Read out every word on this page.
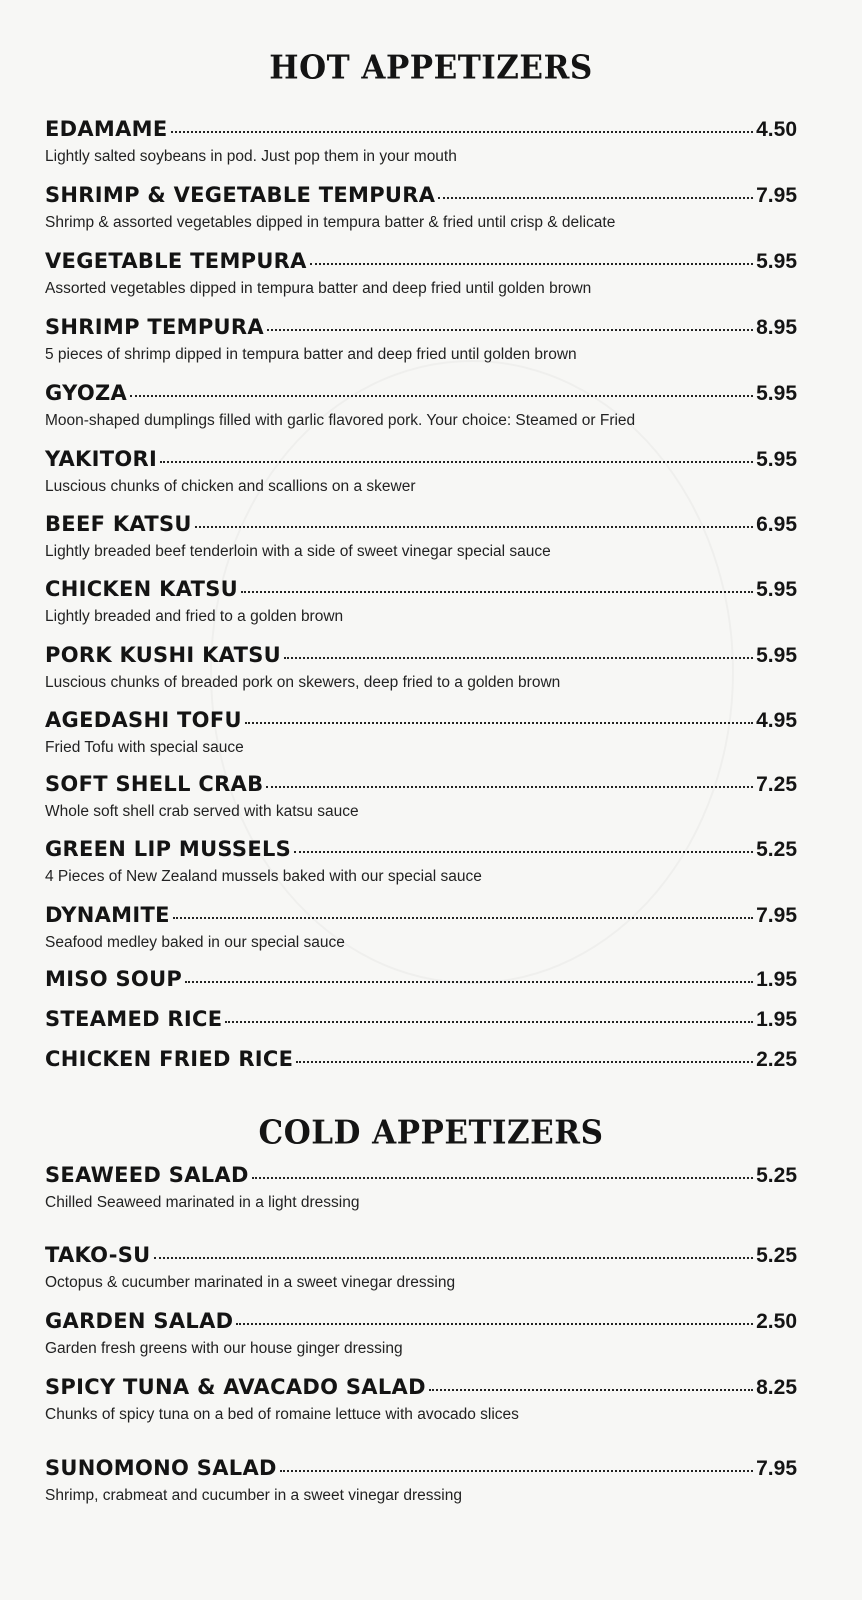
HOT APPETIZERS
EDAMAME	4.50
Lightly salted soybeans in pod. Just pop them in your mouth
SHRIMP & VEGETABLE TEMPURA	7.95
Shrimp & assorted vegetables dipped in tempura batter & fried until crisp & delicate
VEGETABLE TEMPURA	5.95
Assorted vegetables dipped in tempura batter and deep fried until golden brown
SHRIMP TEMPURA	8.95
5 pieces of shrimp dipped in tempura batter and deep fried until golden brown
GYOZA	5.95
Moon-shaped dumplings filled with garlic flavored pork. Your choice: Steamed or Fried
YAKITORI	5.95
Luscious chunks of chicken and scallions on a skewer
BEEF KATSU	6.95
Lightly breaded beef tenderloin with a side of sweet vinegar special sauce
CHICKEN KATSU	5.95
Lightly breaded and fried to a golden brown
PORK KUSHI KATSU	5.95
Luscious chunks of breaded pork on skewers, deep fried to a golden brown
AGEDASHI TOFU	4.95
Fried Tofu with special sauce
SOFT SHELL CRAB	7.25
Whole soft shell crab served with katsu sauce
GREEN LIP MUSSELS	5.25
4 Pieces of New Zealand mussels baked with our special sauce
DYNAMITE	7.95
Seafood medley baked in our special sauce
MISO SOUP	1.95
STEAMED RICE	1.95
CHICKEN FRIED RICE	2.25
COLD APPETIZERS
SEAWEED SALAD	5.25
Chilled Seaweed marinated in a light dressing
TAKO-SU	5.25
Octopus & cucumber marinated in a sweet vinegar dressing
GARDEN SALAD	2.50
Garden fresh greens with our house ginger dressing
SPICY TUNA & AVACADO SALAD	8.25
Chunks of spicy tuna on a bed of romaine lettuce with avocado slices
SUNOMONO SALAD	7.95
Shrimp, crabmeat and cucumber in a sweet vinegar dressing
